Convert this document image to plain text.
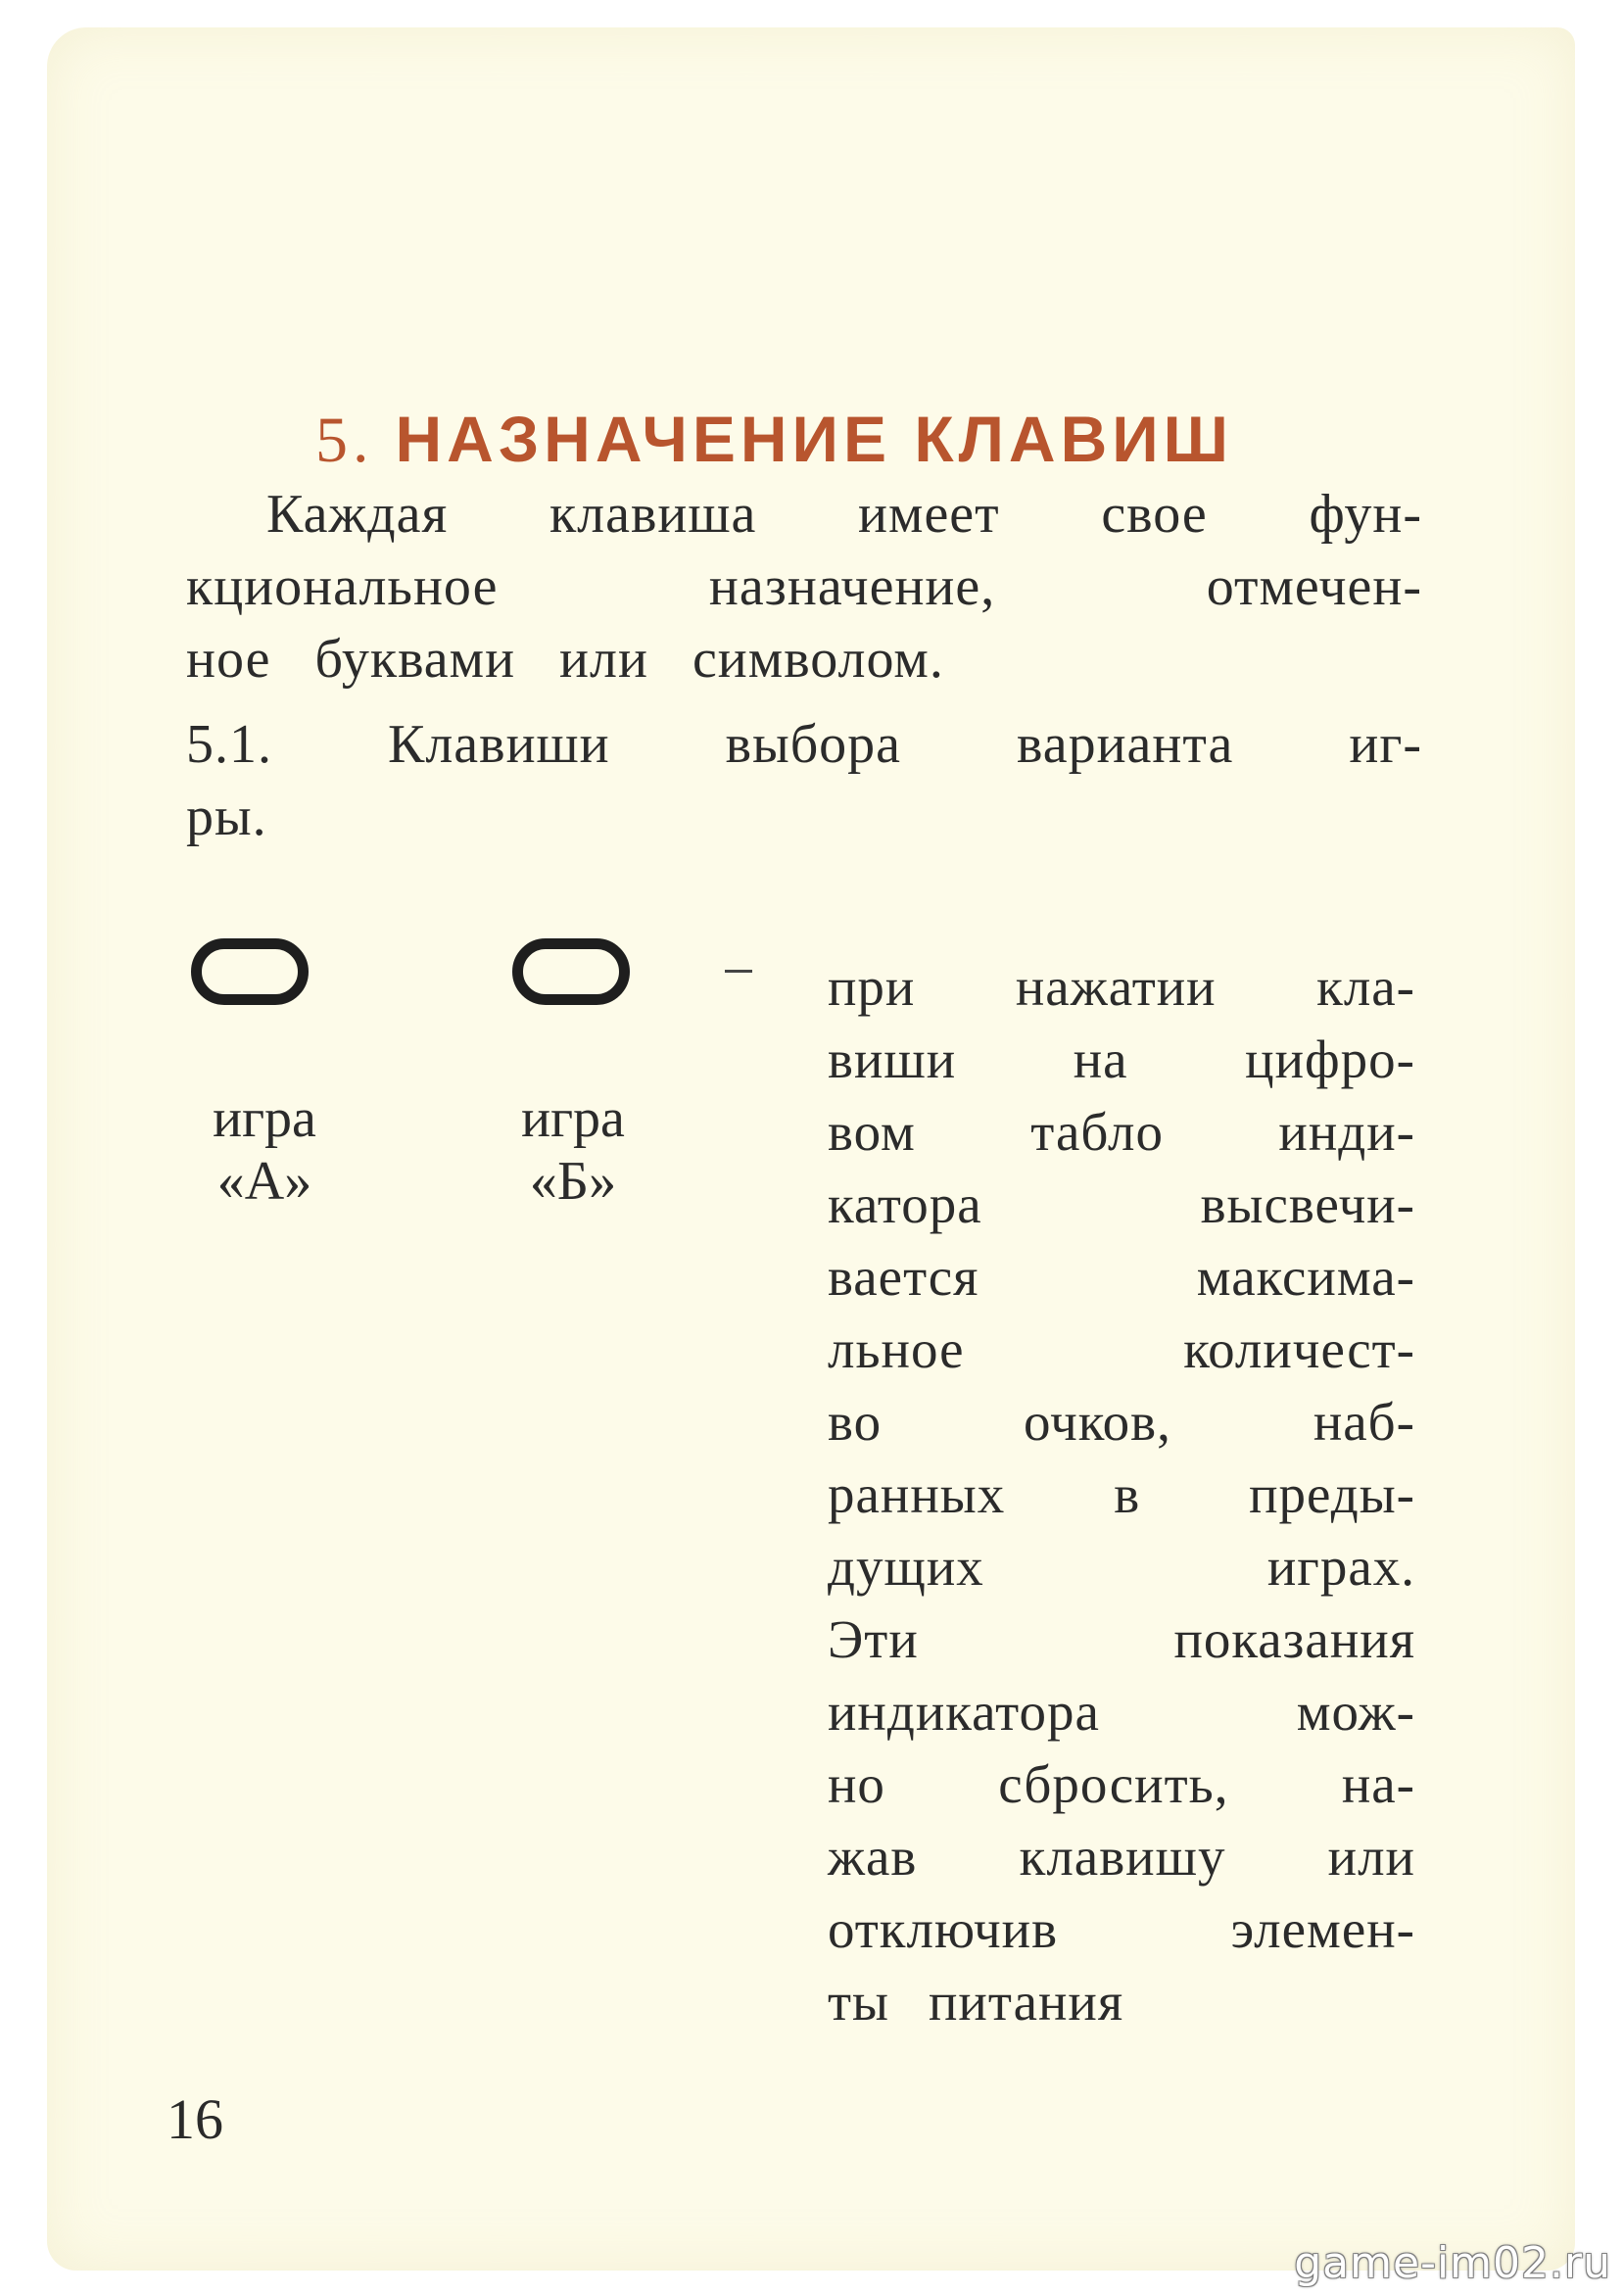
5. НАЗНАЧЕНИЕ КЛАВИШ
Каждая клавиша имеет свое фун-
кциональное	назначение,	отмечен-
ное буквами или символом.
5.1. Клавиши выбора варианта иг-
ры.
игра
«А»
игра
«Б»
при нажатии кла-
виши на цифро-
вом табло инди-
катора	высвечи-
вается	максима-
льное	количест-
во	очков,	наб-
ранных в преды-
дущих	играх.
Эти	показания
индикатора	мож-
но сбросить, на-
жав клавишу или
отключив	элемен-
ты питания
16
game-im02.ru
